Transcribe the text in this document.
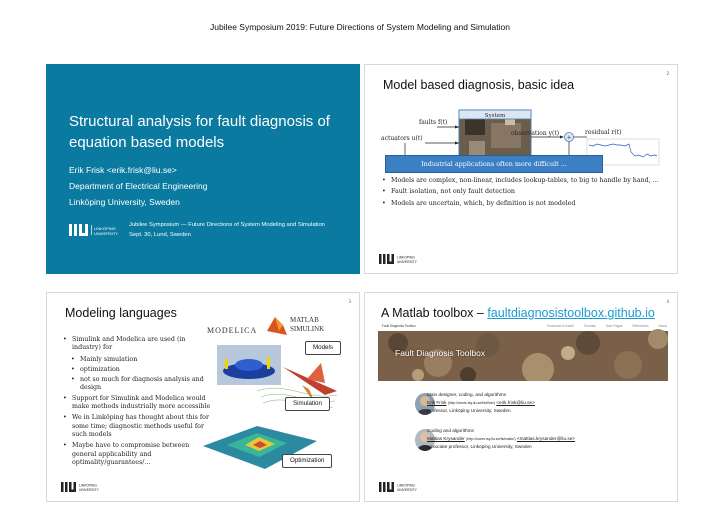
Jubilee Symposium 2019: Future Directions of System Modeling and Simulation
Structural analysis for fault diagnosis of equation based models
Erik Frisk <erik.frisk@liu.se>
Department of Electrical Engineering
Linköping University, Sweden
LINKÖPING
UNIVERSITY
Jubilee Symposium — Future Directions of System Modeling and Simulation
Sept. 30, Lund, Sweden
2
Model based diagnosis, basic idea
System
faults f(t)
actuators u(t)
observation y(t)
+
residual r(t)
Industrial applications often more difficult ...
• Models are complex, non-linear, includes lookup-tables, to big to handle by hand, ...
• Fault isolation, not only fault detection
• Models are uncertain, which, by definition is not modeled
LINKÖPING
UNIVERSITY
3
Modeling languages
• Simulink and Modelica are used (in industry) for
• Mainly simulation
• optimization
• not so much for diagnosis analysis and design
• Support for Simulink and Modelica would make methods industrially more accessible
• We in Linköping has thought about this for some time; diagnostic methods useful for such models
• Maybe have to compromise between general applicability and optimality/guarantees/...
MODELICA
MATLAB
SIMULINK
Models
Simulation
Optimization
LINKÖPING
UNIVERSITY
4
A Matlab toolbox – faultdiagnosistoolbox.github.io
Fault Diagnosis Toolbox	Download & Install	Tutorials	User Pages	References	About
Fault Diagnosis Toolbox
Main designer, coding, and algorithms
Erik Frisk (http://users.isy.liu.se/fs/frisk/) <erik.frisk@liu.se>
Professor, Linköping University, Sweden
Coding and algorithms
Mattias Krysander (http://users.isy.liu.se/fs/matkr/) <mattias.krysander@liu.se>
Associate professor, Linköping University, Sweden
LINKÖPING
UNIVERSITY
